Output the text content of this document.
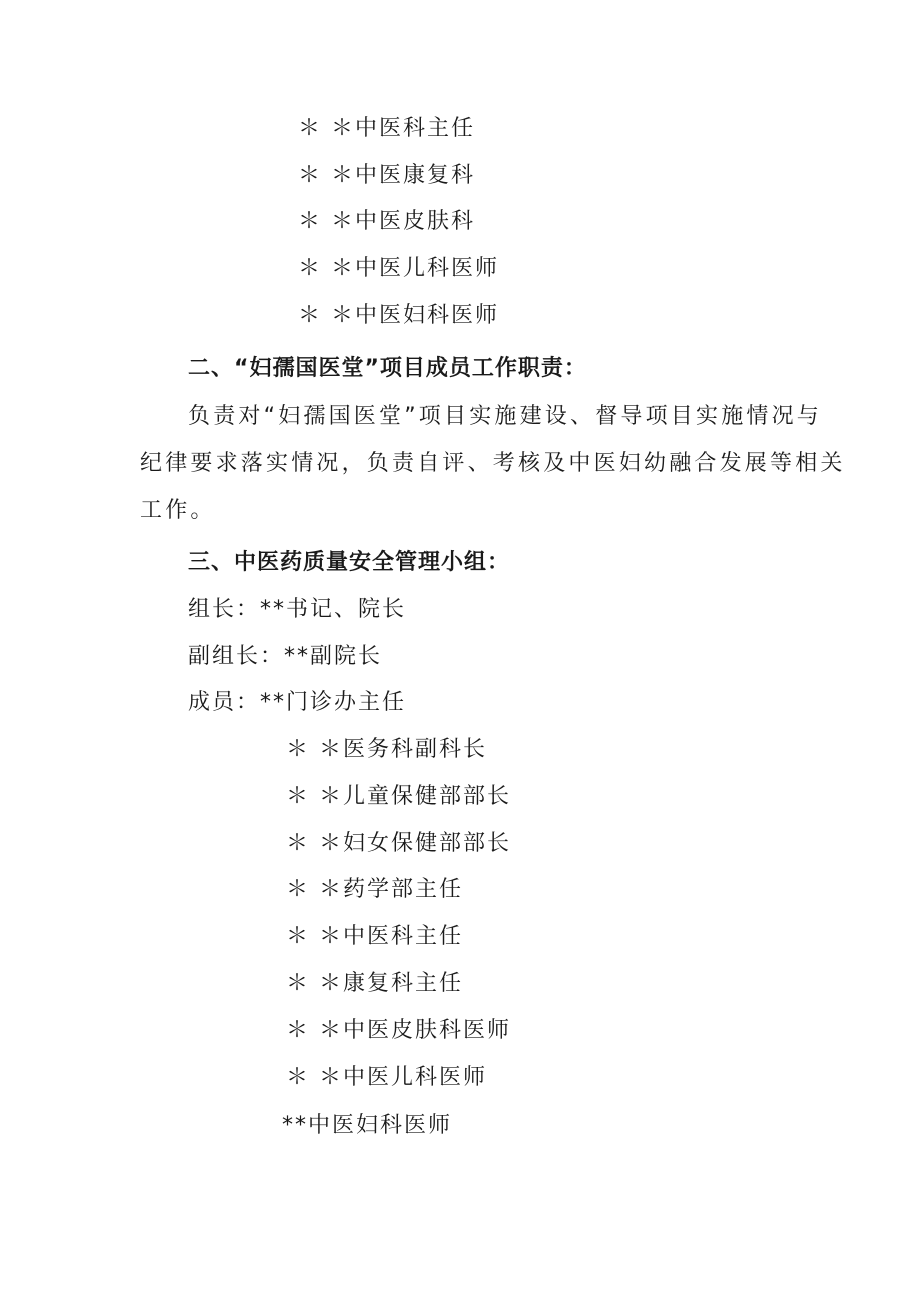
＊ ＊中医科主任
＊ ＊中医康复科
＊ ＊中医皮肤科
＊ ＊中医儿科医师
＊ ＊中医妇科医师
二、“妇孺国医堂”项目成员工作职责：
负责对“妇孺国医堂”项目实施建设、督导项目实施情况与
纪律要求落实情况，负责自评、考核及中医妇幼融合发展等相关
工作。
三、中医药质量安全管理小组：
组长：**书记、院长
副组长：**副院长
成员：**门诊办主任
＊ ＊医务科副科长
＊ ＊儿童保健部部长
＊ ＊妇女保健部部长
＊ ＊药学部主任
＊ ＊中医科主任
＊ ＊康复科主任
＊ ＊中医皮肤科医师
＊ ＊中医儿科医师
**中医妇科医师
